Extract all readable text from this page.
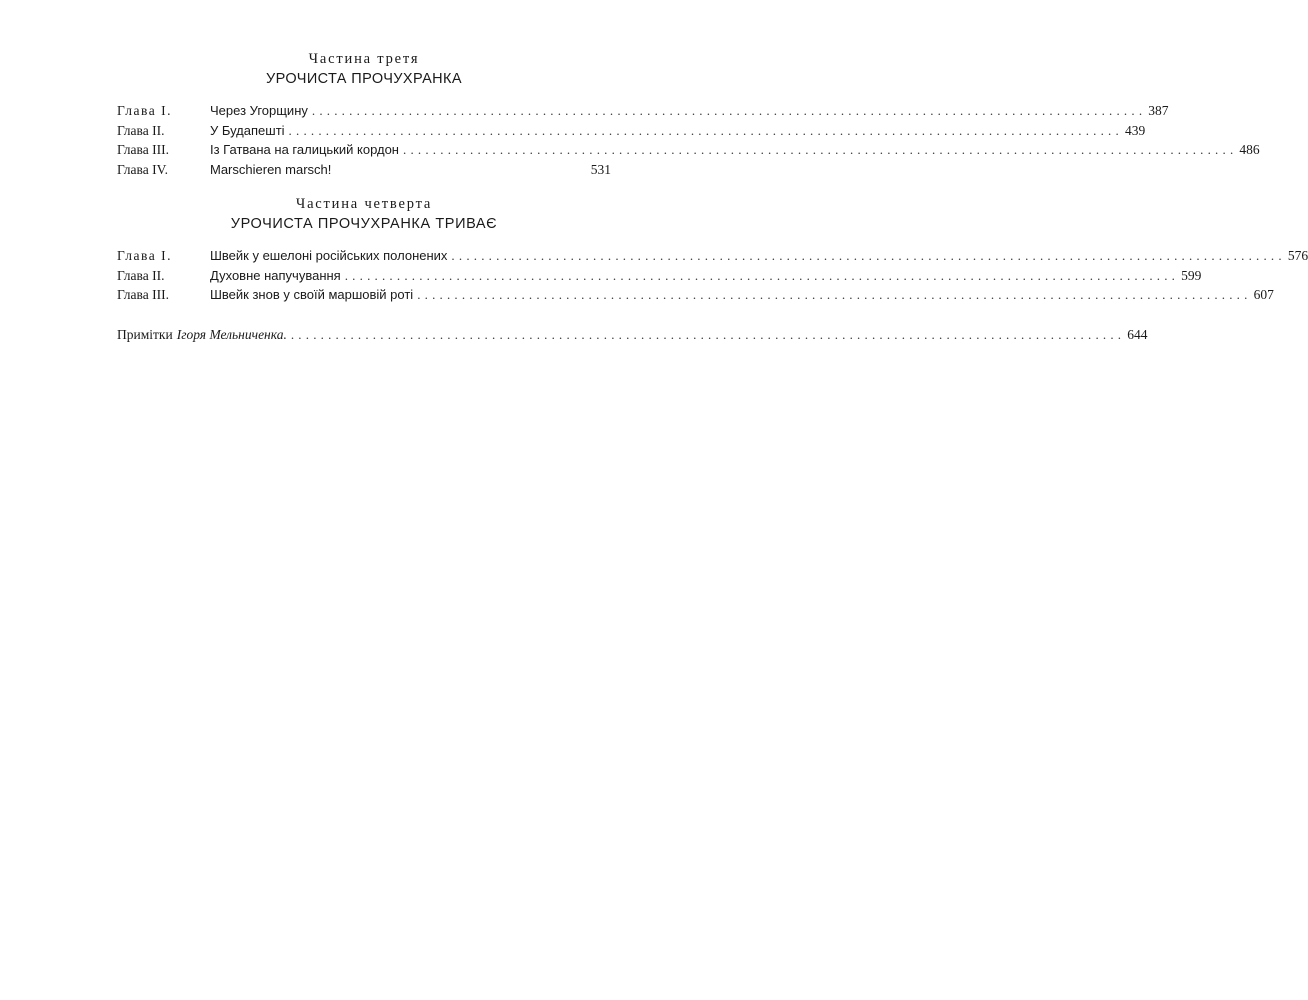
Частина третя
УРОЧИСТА ПРОЧУХРАНКА
Глава I.	Через Угорщину ................................................................................................................ 387
Глава II.	У Будапешті ................................................................................................................ 439
Глава III.	Із Гатвана на галицький кордон ................................................................................................................ 486
Глава IV.	Marschieren marsch!	531
Частина четверта
УРОЧИСТА ПРОЧУХРАНКА ТРИВАЄ
Глава I.	Швейк у ешелоні російських полонених ................................................................................................................ 576
Глава II.	Духовне напучування ................................................................................................................ 599
Глава III.	Швейк знов у своїй маршовій роті ................................................................................................................ 607
Примітки Ігоря Мельниченка. ................................................................................................................ 644
